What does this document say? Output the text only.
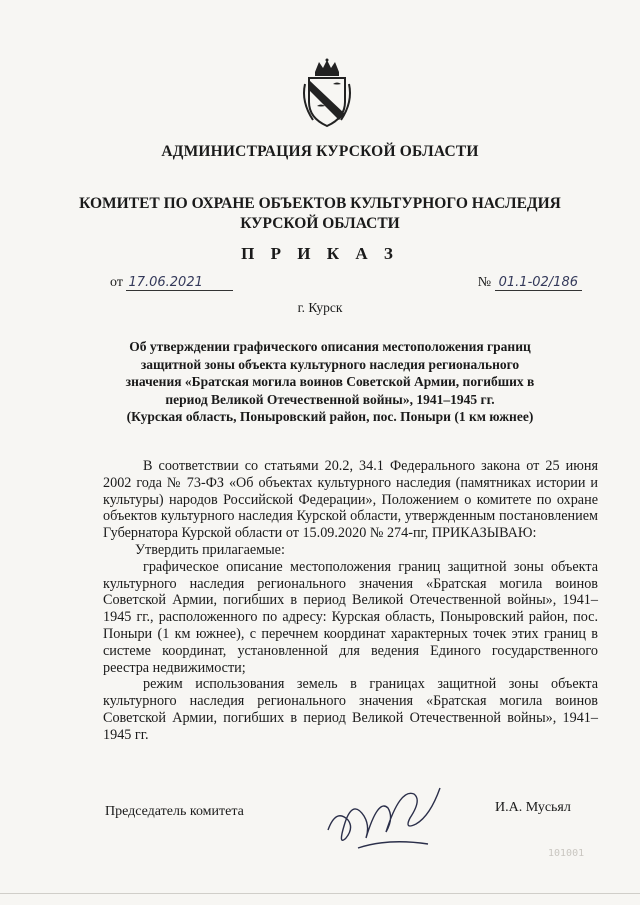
АДМИНИСТРАЦИЯ КУРСКОЙ ОБЛАСТИ
КОМИТЕТ ПО ОХРАНЕ ОБЪЕКТОВ КУЛЬТУРНОГО НАСЛЕДИЯ
КУРСКОЙ ОБЛАСТИ
П Р И К А З
от 17.06.2021	№ 01.1-02/186
г. Курск
Об утверждении графического описания местоположения границ
защитной зоны объекта культурного наследия регионального
значения «Братская могила воинов Советской Армии, погибших в
период Великой Отечественной войны», 1941–1945 гг.
(Курская область, Поныровский район, пос. Поныри (1 км южнее)

В соответствии со статьями 20.2, 34.1 Федерального закона от 25 июня 2002 года № 73-ФЗ «Об объектах культурного наследия (памятниках истории и культуры) народов Российской Федерации», Положением о комитете по охране объектов культурного наследия Курской области, утвержденным постановлением Губернатора Курской области от 15.09.2020 № 274-пг, ПРИКАЗЫВАЮ:

Утвердить прилагаемые:

графическое описание местоположения границ защитной зоны объекта культурного наследия регионального значения «Братская могила воинов Советской Армии, погибших в период Великой Отечественной войны», 1941–1945 гг., расположенного по адресу: Курская область, Поныровский район, пос. Поныри (1 км южнее), с перечнем координат характерных точек этих границ в системе координат, установленной для ведения Единого государственного реестра недвижимости;

режим использования земель в границах защитной зоны объекта культурного наследия регионального значения «Братская могила воинов Советской Армии, погибших в период Великой Отечественной войны», 1941–1945 гг.

Председатель комитета	И.А. Мусьял
101001
